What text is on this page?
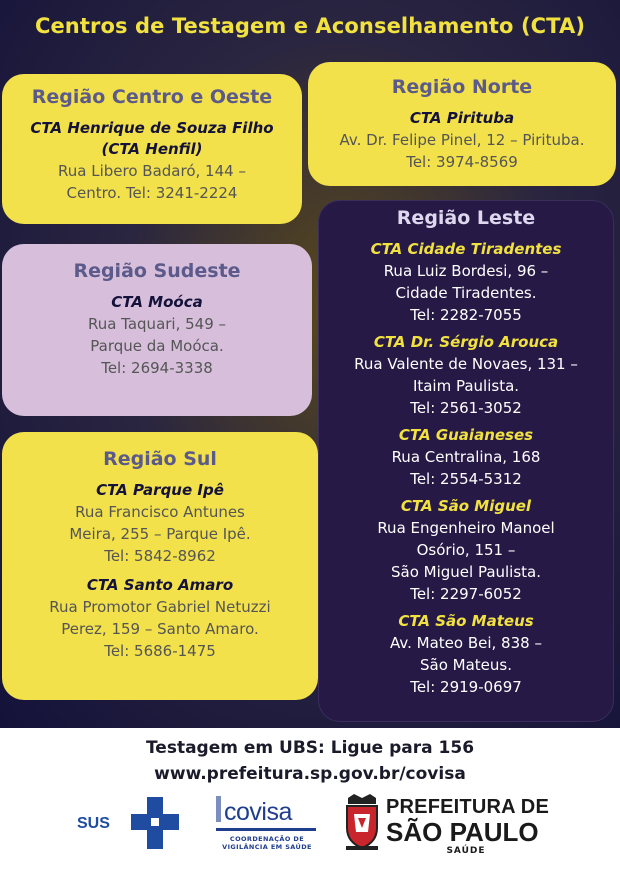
Centros de Testagem e Aconselhamento (CTA)
Região Centro e Oeste
CTA Henrique de Souza Filho
(CTA Henfil)
Rua Libero Badaró, 144 –
Centro. Tel: 3241-2224
Região Norte
CTA Pirituba
Av. Dr. Felipe Pinel, 12 – Pirituba.
Tel: 3974-8569
Região Sudeste
CTA Moóca
Rua Taquari, 549 –
Parque da Moóca.
Tel: 2694-3338
Região Sul
CTA Parque Ipê
Rua Francisco Antunes
Meira, 255 – Parque Ipê.
Tel: 5842-8962
CTA Santo Amaro
Rua Promotor Gabriel Netuzzi
Perez, 159 – Santo Amaro.
Tel: 5686-1475
Região Leste
CTA Cidade Tiradentes
Rua Luiz Bordesi, 96 –
Cidade Tiradentes.
Tel: 2282-7055
CTA Dr. Sérgio Arouca
Rua Valente de Novaes, 131 –
Itaim Paulista.
Tel: 2561-3052
CTA Guaianeses
Rua Centralina, 168
Tel: 2554-5312
CTA São Miguel
Rua Engenheiro Manoel
Osório, 151 –
São Miguel Paulista.
Tel: 2297-6052
CTA São Mateus
Av. Mateo Bei, 838 –
São Mateus.
Tel: 2919-0697
Testagem em UBS: Ligue para 156
www.prefeitura.sp.gov.br/covisa
SUS	covisa
COORDENAÇÃO DE
VIGILÂNCIA EM SAÚDE
PREFEITURA DE
SÃO PAULO
SAÚDE
